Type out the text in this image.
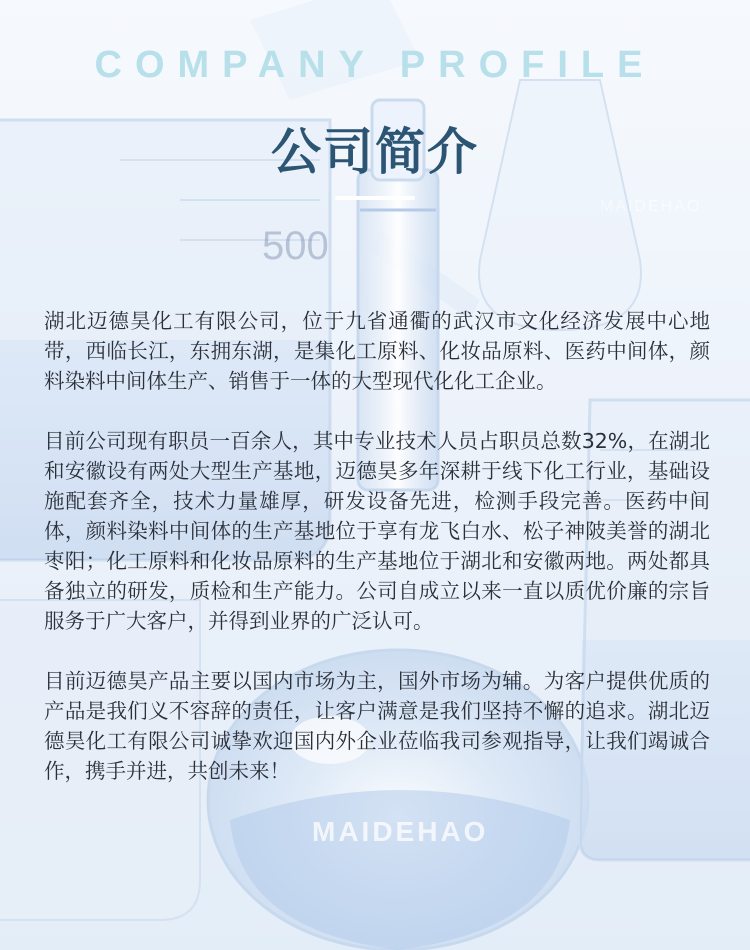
500
MAIDEHAO
COMPANY PROFILE
公司简介

湖北迈德昊化工有限公司，位于九省通衢的武汉市文化经济发展中心地带，西临长江，东拥东湖，是集化工原料、化妆品原料、医药中间体，颜料染料中间体生产、销售于一体的大型现代化化工企业。

目前公司现有职员一百余人，其中专业技术人员占职员总数32%，在湖北和安徽设有两处大型生产基地，迈德昊多年深耕于线下化工行业，基础设施配套齐全，技术力量雄厚，研发设备先进，检测手段完善。医药中间体，颜料染料中间体的生产基地位于享有龙飞白水、松子神陂美誉的湖北枣阳；化工原料和化妆品原料的生产基地位于湖北和安徽两地。两处都具备独立的研发，质检和生产能力。公司自成立以来一直以质优价廉的宗旨服务于广大客户，并得到业界的广泛认可。

目前迈德昊产品主要以国内市场为主，国外市场为辅。为客户提供优质的产品是我们义不容辞的责任，让客户满意是我们坚持不懈的追求。湖北迈德昊化工有限公司诚挚欢迎国内外企业莅临我司参观指导，让我们竭诚合作，携手并进，共创未来！

MAIDEHAO
